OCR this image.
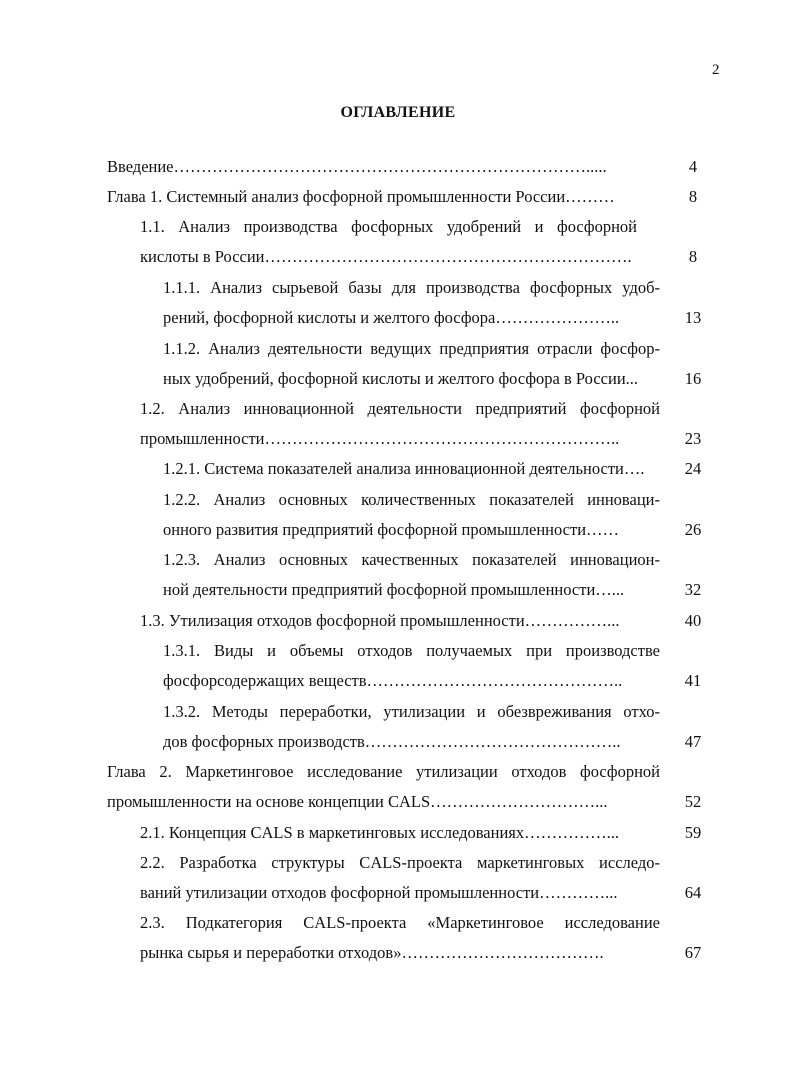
2
ОГЛАВЛЕНИЕ
Введение………………………………………………………………….....	4
Глава 1. Системный анализ фосфорной промышленности России………	8
1.1. Анализ производства фосфорных удобрений и фосфорной
кислоты в России………………………………………………………….	8
1.1.1. Анализ сырьевой базы для производства фосфорных удоб-
рений, фосфорной кислоты и желтого фосфора…………………..	13
1.1.2. Анализ деятельности ведущих предприятия отрасли фосфор-
ных удобрений, фосфорной кислоты и желтого фосфора в России...	16
1.2. Анализ инновационной деятельности предприятий фосфорной
промышленности………………………………………………………..	23
1.2.1. Система показателей анализа инновационной деятельности….	24
1.2.2. Анализ основных количественных показателей инноваци-
онного развития предприятий фосфорной промышленности……	26
1.2.3. Анализ основных качественных показателей инновацион-
ной деятельности предприятий фосфорной промышленности…...	32
1.3. Утилизация отходов фосфорной промышленности……………...	40
1.3.1. Виды и объемы отходов получаемых при производстве
фосфорсодержащих веществ………………………………………..	41
1.3.2. Методы переработки, утилизации и обезвреживания отхо-
дов фосфорных производств………………………………………..	47
Глава 2. Маркетинговое исследование утилизации отходов фосфорной
промышленности на основе концепции CALS…………………………...	52
2.1. Концепция CALS в маркетинговых исследованиях……………...	59
2.2. Разработка структуры CALS-проекта маркетинговых исследо-
ваний утилизации отходов фосфорной промышленности…………...	64
2.3. Подкатегория CALS-проекта «Маркетинговое исследование
рынка сырья и переработки отходов»……………………………….	67
